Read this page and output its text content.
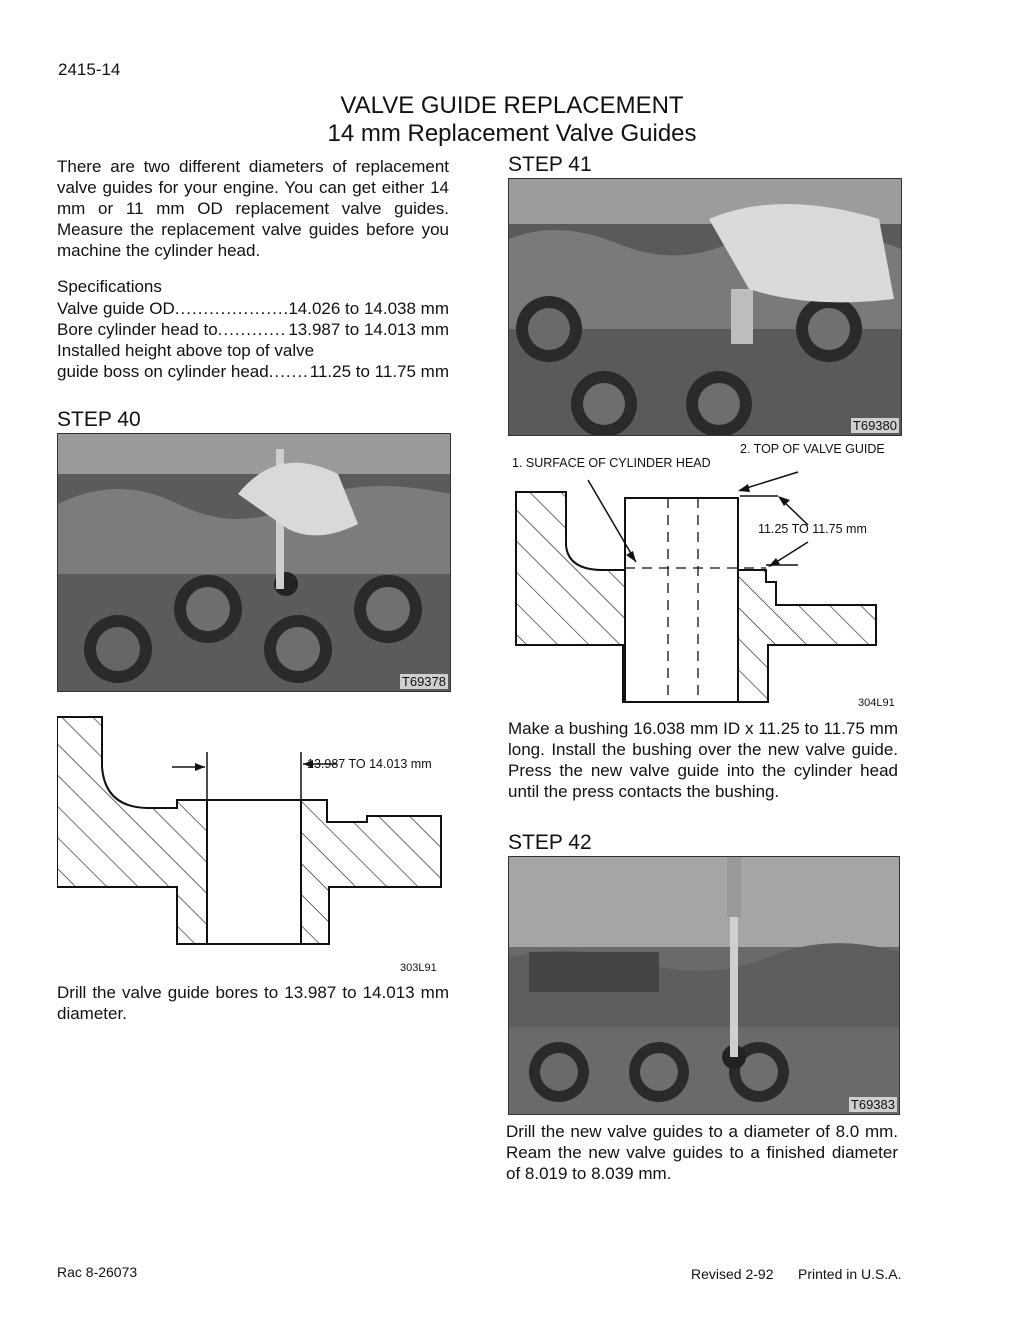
2415-14
VALVE GUIDE REPLACEMENT
14 mm Replacement Valve Guides
There are two different diameters of replacement valve guides for your engine. You can get either 14 mm or 11 mm OD replacement valve guides. Measure the replacement valve guides before you machine the cylinder head.
Specifications
Valve guide OD .....	14.026 to 14.038 mm
Bore cylinder head to .....	13.987 to 14.013 mm
Installed height above top of valve
guide boss on cylinder head ..... 11.25 to 11.75 mm
STEP 40
T69378
13.987 TO 14.013 mm
303L91
Drill the valve guide bores to 13.987 to 14.013 mm diameter.
STEP 41
T69380
1. SURFACE OF CYLINDER HEAD
2. TOP OF VALVE GUIDE
11.25 TO 11.75 mm
304L91
Make a bushing 16.038 mm ID x 11.25 to 11.75 mm long. Install the bushing over the new valve guide. Press the new valve guide into the cylinder head until the press contacts the bushing.
STEP 42
T69383
Drill the new valve guides to a diameter of 8.0 mm. Ream the new valve guides to a finished diameter of 8.019 to 8.039 mm.
Rac 8-26073	Revised 2-92 Printed in U.S.A.
